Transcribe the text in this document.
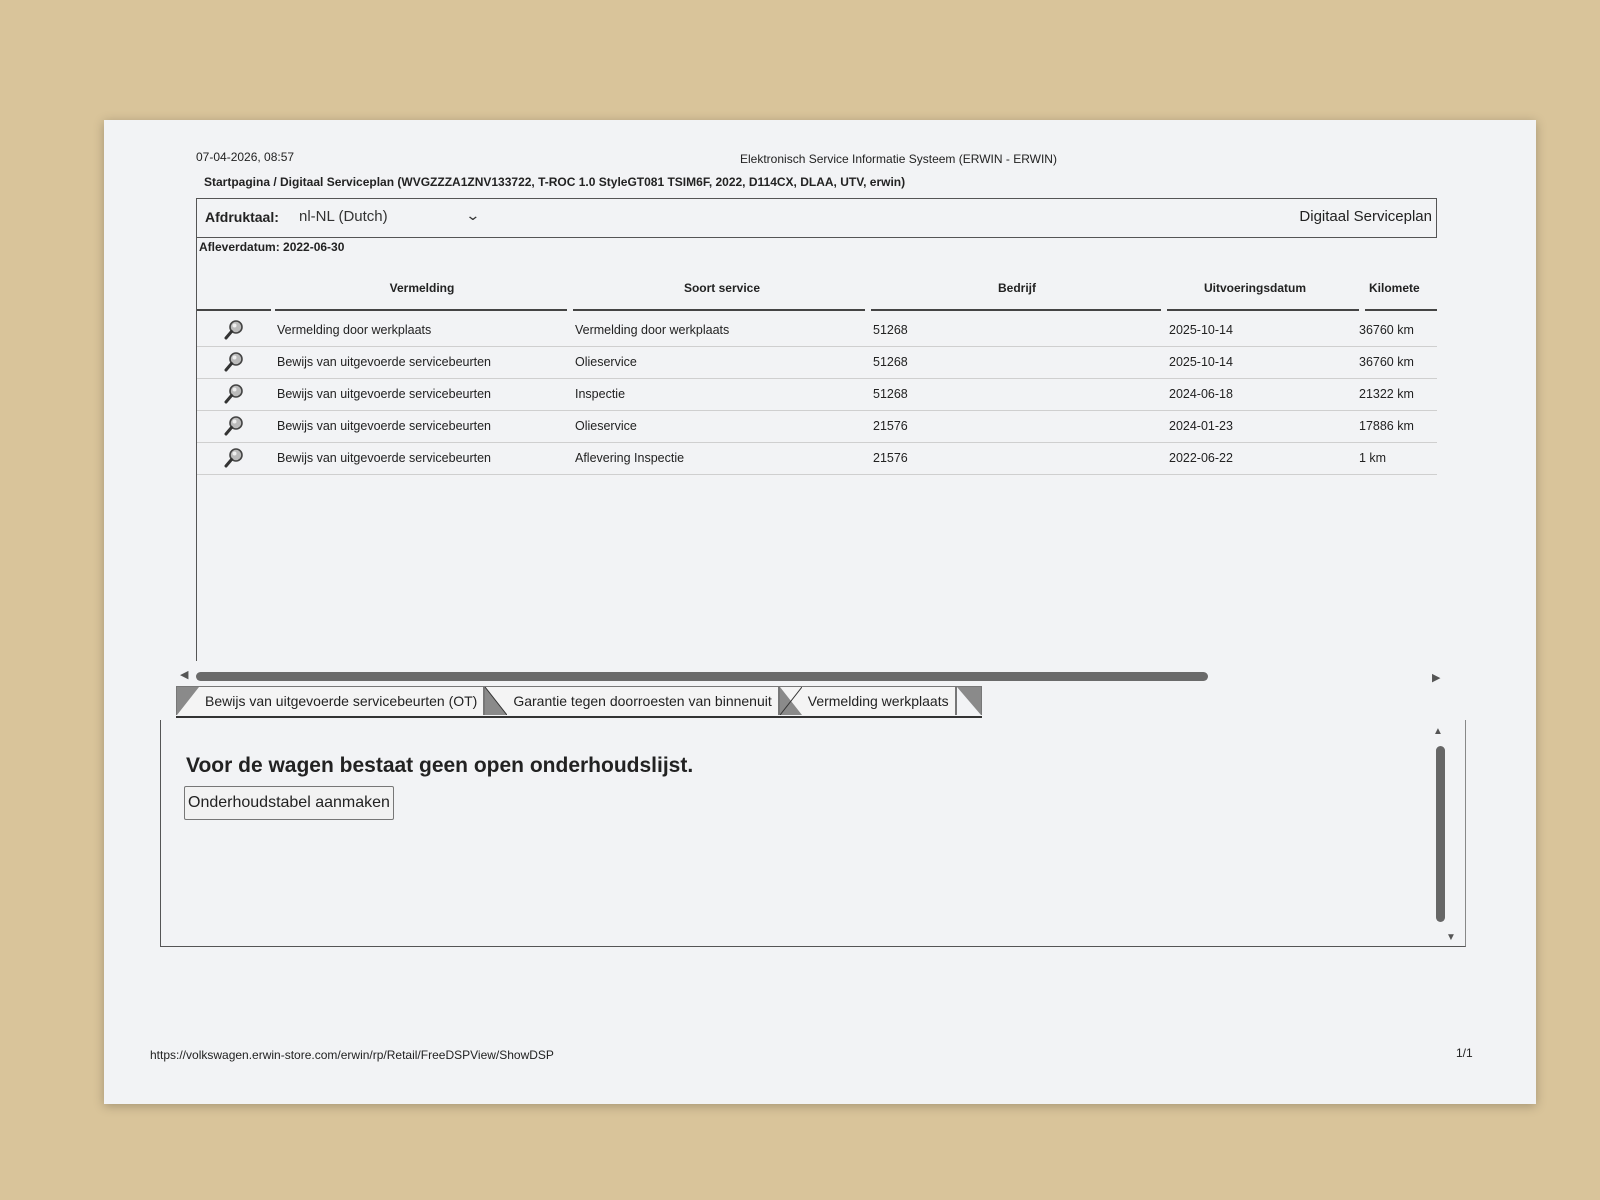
07-04-2026, 08:57	Elektronisch Service Informatie Systeem (ERWIN - ERWIN)
Startpagina / Digitaal Serviceplan (WVGZZZA1ZNV133722, T-ROC 1.0 StyleGT081 TSIM6F, 2022, D114CX, DLAA, UTV, erwin)
Afdruktaal: nl-NL (Dutch)	⌄	Digitaal Serviceplan
Afleverdatum: 2022-06-30
Vermelding	Soort service	Bedrijf	Uitvoeringsdatum	Kilomete
Vermelding door werkplaats	Vermelding door werkplaats	51268	2025-10-14	36760 km
Bewijs van uitgevoerde servicebeurten	Olieservice	51268	2025-10-14	36760 km
Bewijs van uitgevoerde servicebeurten	Inspectie	51268	2024-06-18	21322 km
Bewijs van uitgevoerde servicebeurten	Olieservice	21576	2024-01-23	17886 km
Bewijs van uitgevoerde servicebeurten	Aflevering Inspectie	21576	2022-06-22	1 km
◀	▶
Bewijs van uitgevoerde servicebeurten (OT)	Garantie tegen doorroesten van binnenuit	Vermelding werkplaats
▲
▼
Voor de wagen bestaat geen open onderhoudslijst.
Onderhoudstabel aanmaken
https://volkswagen.erwin-store.com/erwin/rp/Retail/FreeDSPView/ShowDSP	1/1
